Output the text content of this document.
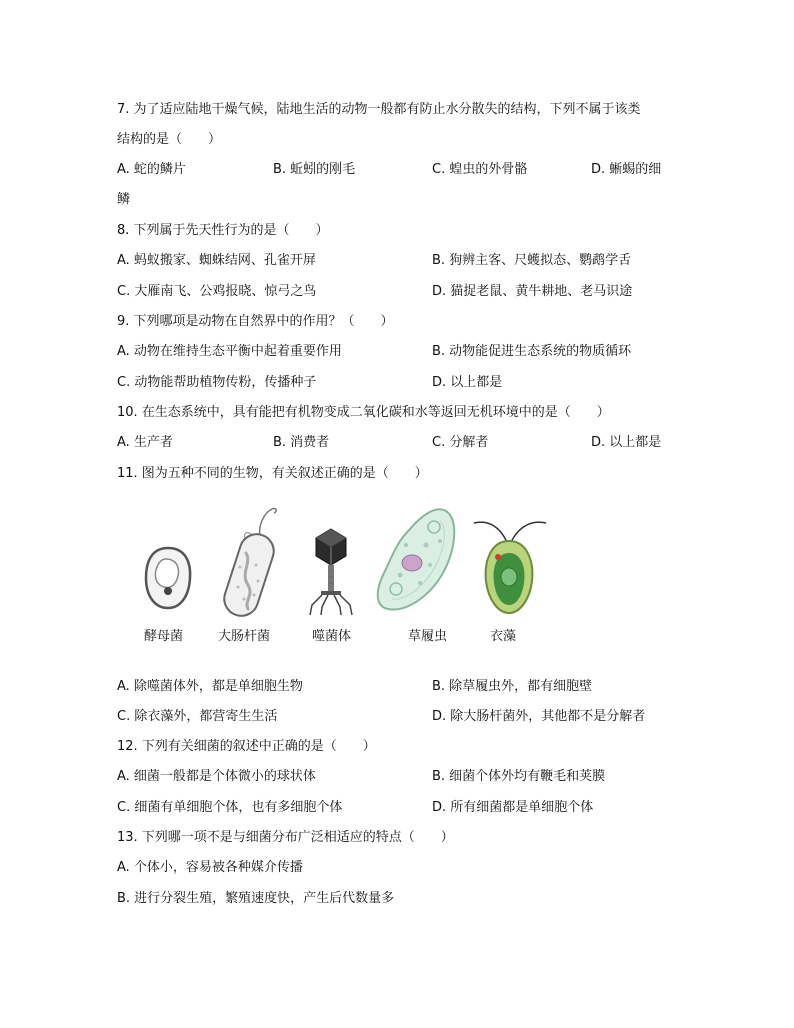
7. 为了适应陆地干燥气候，陆地生活的动物一般都有防止水分散失的结构，下列不属于该类
结构的是（　　）
A. 蛇的鳞片	B. 蚯蚓的刚毛	C. 蝗虫的外骨骼	D. 蜥蜴的细
鳞
8. 下列属于先天性行为的是（　　）
A. 蚂蚁搬家、蜘蛛结网、孔雀开屏	B. 狗辨主客、尺蠖拟态、鹦鹉学舌
C. 大雁南飞、公鸡报晓、惊弓之鸟	D. 猫捉老鼠、黄牛耕地、老马识途
9. 下列哪项是动物在自然界中的作用？（　　）
A. 动物在维持生态平衡中起着重要作用	B. 动物能促进生态系统的物质循环
C. 动物能帮助植物传粉，传播种子	D. 以上都是
10. 在生态系统中，具有能把有机物变成二氧化碳和水等返回无机环境中的是（　　）
A. 生产者	B. 消费者	C. 分解者	D. 以上都是
11. 图为五种不同的生物，有关叙述正确的是（　　）
酵母菌	大肠杆菌	噬菌体	草履虫	衣藻
A. 除噬菌体外，都是单细胞生物	B. 除草履虫外，都有细胞壁
C. 除衣藻外，都营寄生生活	D. 除大肠杆菌外，其他都不是分解者
12. 下列有关细菌的叙述中正确的是（　　）
A. 细菌一般都是个体微小的球状体	B. 细菌个体外均有鞭毛和荚膜
C. 细菌有单细胞个体，也有多细胞个体	D. 所有细菌都是单细胞个体
13. 下列哪一项不是与细菌分布广泛相适应的特点（　　）
A. 个体小，容易被各种媒介传播
B. 进行分裂生殖，繁殖速度快，产生后代数量多
